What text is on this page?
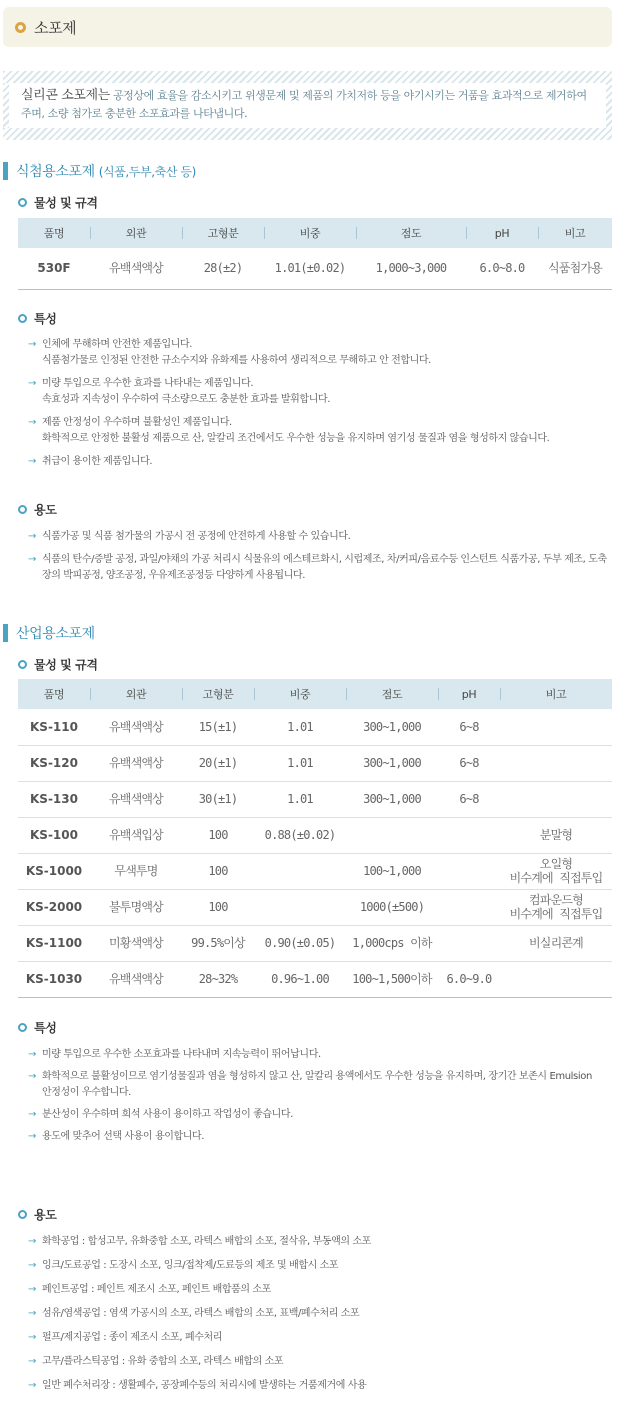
소포제
실리콘 소포제는 공정상에 효율을 감소시키고 위생문제 및 제품의 가치저하 등을 야기시키는 거품을 효과적으로 제거하여 주며, 소량 첨가로 충분한 소포효과를 나타냅니다.
식첨용소포제 (식품,두부,축산 등)
물성 및 규격
품명	외관	고형분	비중	점도	pH	비고
530F	유백색액상	28(±2)	1.01(±0.02)	1,000~3,000	6.0~8.0	식품첨가용
특성
→ 인체에 무해하며 안전한 제품입니다.
식품첨가물로 인정된 안전한 규소수지와 유화제를 사용하여 생리적으로 무해하고 안 전합니다.
→ 미량 투입으로 우수한 효과를 나타내는 제품입니다.
속효성과 지속성이 우수하여 극소량으로도 충분한 효과를 발휘합니다.
→ 제품 안정성이 우수하며 불활성인 제품입니다.
화학적으로 안정한 불활성 제품으로 산, 알칼리 조건에서도 우수한 성능을 유지하며 염기성 물질과 염을 형성하지 않습니다.
→ 취급이 용이한 제품입니다.
용도
→ 식품가공 및 식품 첨가물의 가공시 전 공정에 안전하게 사용할 수 있습니다.
→ 식품의 탄수/증발 공정, 과일/야채의 가공 처리시 식물유의 에스테르화시, 시럽제조, 차/커피/음료수등 인스턴트 식품가공, 두부 제조, 도축
장의 박피공정, 양조공정, 우유제조공정등 다양하게 사용됩니다.
산업용소포제
물성 및 규격
품명	외관	고형분	비중	점도	pH	비고
KS-110	유백색액상	15(±1)	1.01	300~1,000	6~8	
KS-120	유백색액상	20(±1)	1.01	300~1,000	6~8	
KS-130	유백색액상	30(±1)	1.01	300~1,000	6~8	
KS-100	유백색입상	100	0.88(±0.02)			분말형
KS-1000	무색투명	100		100~1,000		오일형
비수계에 직접투입
KS-2000	불투명액상	100		1000(±500)		컴파운드형
비수계에 직접투입
KS-1100	미황색액상	99.5%이상	0.90(±0.05)	1,000cps 이하		비실리콘계
KS-1030	유백색액상	28~32%	0.96~1.00	100~1,500이하	6.0~9.0	
특성
→ 미량 투입으로 우수한 소포효과를 나타내며 지속능력이 뛰어납니다.
→ 화학적으로 불활성이므로 염기성물질과 염을 형성하지 않고 산, 알칼리 용액에서도 우수한 성능을 유지하며, 장기간 보존시 Emulsion
안정성이 우수합니다.
→ 분산성이 우수하며 희석 사용이 용이하고 작업성이 좋습니다.
→ 용도에 맞추어 선택 사용이 용이합니다.
용도
→ 화학공업 : 합성고무, 유화중합 소포, 라텍스 배합의 소포, 절삭유, 부동액의 소포
→ 잉크/도료공업 : 도장시 소포, 잉크/접착제/도료등의 제조 및 배합시 소포
→ 페인트공업 : 페인트 제조시 소포, 페인트 배합품의 소포
→ 섬유/염색공업 : 염색 가공시의 소포, 라텍스 배합의 소포, 표백/폐수처리 소포
→ 펄프/제지공업 : 종이 제조시 소포, 폐수처리
→ 고무/플라스틱공업 : 유화 중합의 소포, 라텍스 배합의 소포
→ 일반 폐수처리장 : 생활폐수, 공장폐수등의 처리시에 발생하는 거품제거에 사용
